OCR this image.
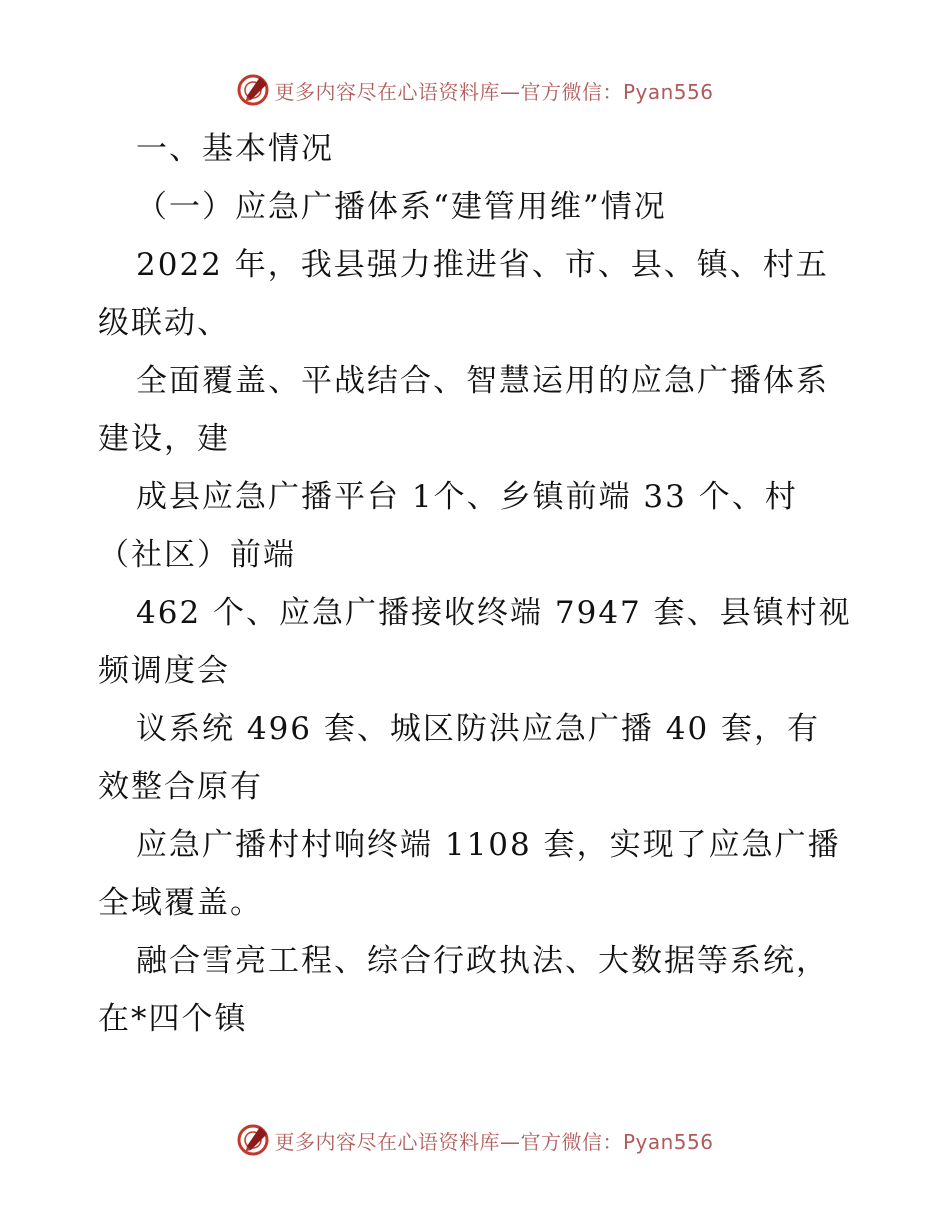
更多内容尽在心语资料库—官方微信：Pyan556
一、基本情况
（一）应急广播体系“建管用维”情况
2022 年，我县强力推进省、市、县、镇、村五
级联动、
全面覆盖、平战结合、智慧运用的应急广播体系
建设，建
成县应急广播平台 1个、乡镇前端 33 个、村
（社区）前端
462 个、应急广播接收终端 7947 套、县镇村视
频调度会
议系统 496 套、城区防洪应急广播 40 套，有
效整合原有
应急广播村村响终端 1108 套，实现了应急广播
全域覆盖。
融合雪亮工程、综合行政执法、大数据等系统，
在*四个镇
更多内容尽在心语资料库—官方微信：Pyan556
